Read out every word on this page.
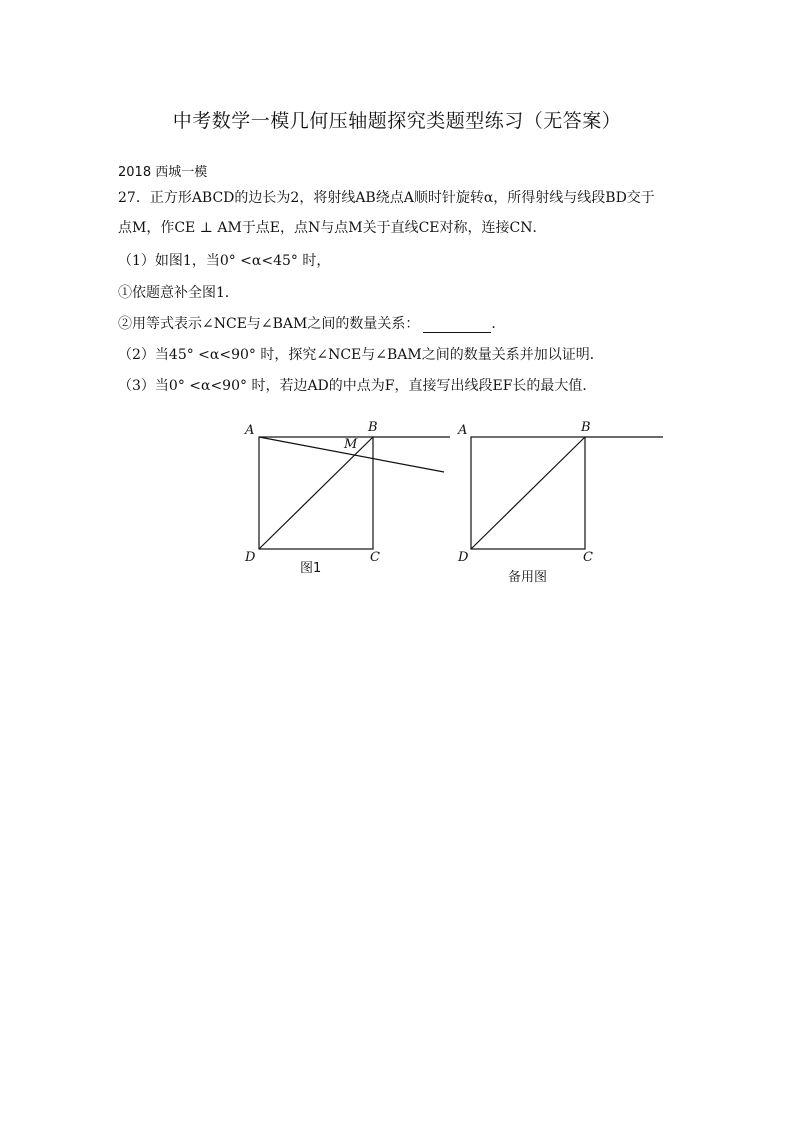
中考数学一模几何压轴题探究类题型练习（无答案）
2018 西城一模
27．正方形ABCD的边长为2，将射线AB绕点A顺时针旋转α，所得射线与线段BD交于
点M，作CE ⊥ AM于点E，点N与点M关于直线CE对称，连接CN．
（1）如图1，当0° <α<45° 时，
①依题意补全图1．
②用等式表示∠NCE与∠BAM之间的数量关系：	．
（2）当45° <α<90° 时，探究∠NCE与∠BAM之间的数量关系并加以证明．
（3）当0° <α<90° 时，若边AD的中点为F，直接写出线段EF长的最大值．
A	B
M
D	C
图1
A	B
D	C
备用图
